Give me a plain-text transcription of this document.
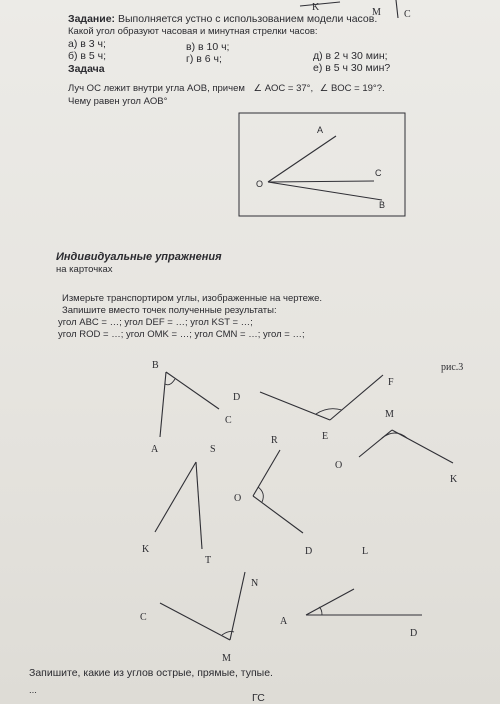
K	M C
Задание: Выполняется устно с использованием модели часов.
Какой угол образуют часовая и минутная стрелки часов:
а) в 3 ч;	в) в 10 ч;
д) в 2 ч 30 мин;
б) в 5 ч;	г) в 6 ч;
е) в 5 ч 30 мин?
Задача
Луч OC лежит внутри угла AOB, причем ∠ AOC = 37°, ∠ BOC = 19°?.
Чему равен угол AOB°
A
C
O
B
Индивидуальные упражнения
на карточках
Измерьте транспортиром углы, изображенные на чертеже.
Запишите вместо точек полученные результаты:
угол ABC = …; угол DEF = …; угол KST = …;
угол ROD = …; угол OMK = …; угол CMN = …; угол = …;
рис.3
B
C
A
D
F
E
M
O
K
S
K
T
R
O
D	L
N
C
M
A
D
Запишите, какие из углов острые, прямые, тупые.
...
ГС
